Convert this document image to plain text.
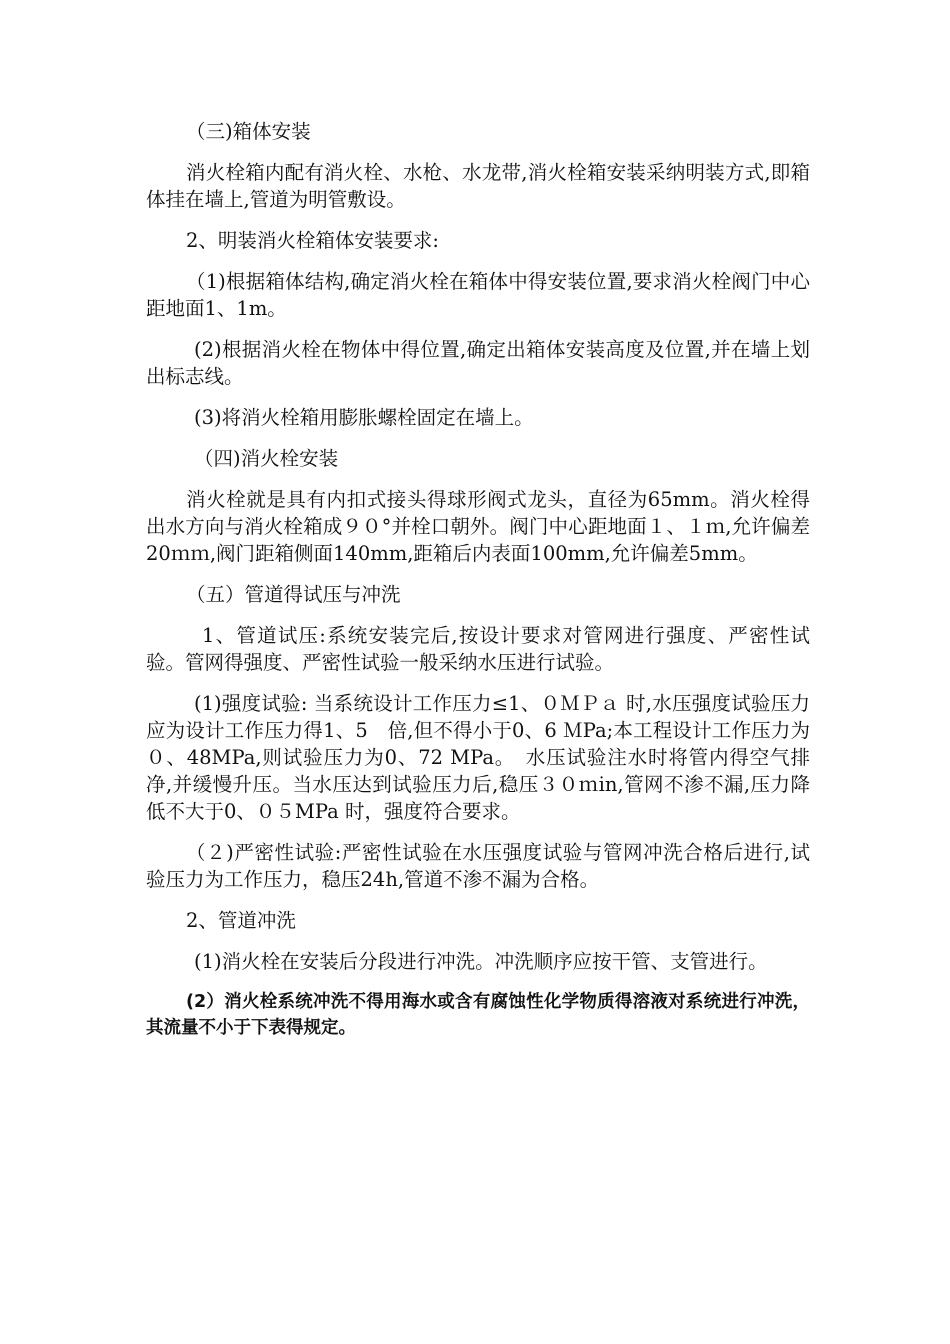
（三)箱体安装

消火栓箱内配有消火栓、水枪、水龙带,消火栓箱安装采纳明装方式,即箱体挂在墙上,管道为明管敷设。

2、明装消火栓箱体安装要求:

（1)根据箱体结构,确定消火栓在箱体中得安装位置,要求消火栓阀门中心距地面1、1m。

(2)根据消火栓在物体中得位置,确定出箱体安装高度及位置,并在墙上划出标志线。

(3)将消火栓箱用膨胀螺栓固定在墙上。

（四)消火栓安装

消火栓就是具有内扣式接头得球形阀式龙头，直径为65mm。消火栓得出水方向与消火栓箱成９０°并栓口朝外。阀门中心距地面１、１ｍ,允许偏差20ｍｍ,阀门距箱侧面140mm,距箱后内表面100mm,允许偏差5mm。

（五）管道得试压与冲洗

1、管道试压:系统安装完后,按设计要求对管网进行强度、严密性试验。管网得强度、严密性试验一般采纳水压进行试验。

(1)强度试验: 当系统设计工作压力≤1、０ＭＰａ 时,水压强度试验压力应为设计工作压力得1、5　倍,但不得小于0、6 ＭPa;本工程设计工作压力为０、48MPa,则试验压力为0、72 MPa。　水压试验注水时将管内得空气排净,并缓慢升压。当水压达到试验压力后,稳压３０ｍin,管网不渗不漏,压力降低不大于0、０５MPa 时，强度符合要求。

（２)严密性试验:严密性试验在水压强度试验与管网冲洗合格后进行,试验压力为工作压力，稳压24h,管道不渗不漏为合格。

2、管道冲洗

(1)消火栓在安装后分段进行冲洗。冲洗顺序应按干管、支管进行。

(2）消火栓系统冲洗不得用海水或含有腐蚀性化学物质得溶液对系统进行冲洗，其流量不小于下表得规定。
